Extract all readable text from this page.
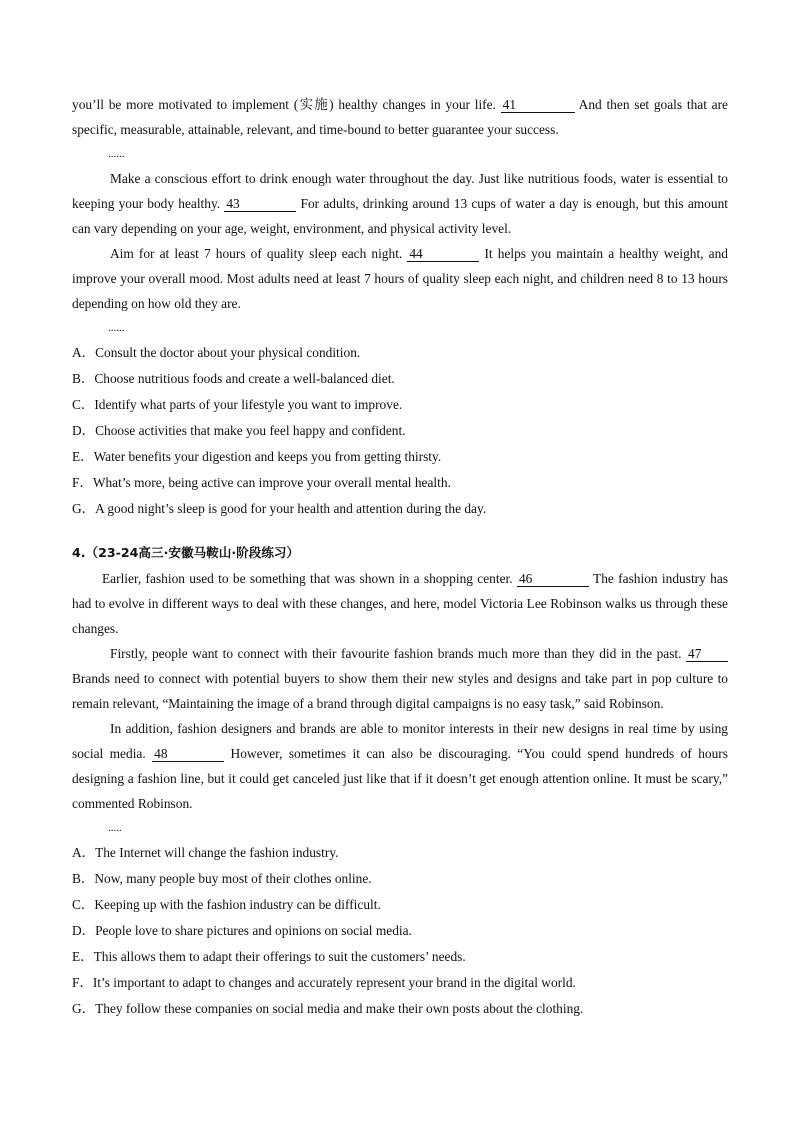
you’ll be more motivated to implement (实施) healthy changes in your life. 41	And then set goals that are specific, measurable, attainable, relevant, and time-bound to better guarantee your success.

......

Make a conscious effort to drink enough water throughout the day. Just like nutritious foods, water is essential to keeping your body healthy. 43	For adults, drinking around 13 cups of water a day is enough, but this amount can vary depending on your age, weight, environment, and physical activity level.

Aim for at least 7 hours of quality sleep each night. 44	It helps you maintain a healthy weight, and improve your overall mood. Most adults need at least 7 hours of quality sleep each night, and children need 8 to 13 hours depending on how old they are.

......

A．Consult the doctor about your physical condition.

B．Choose nutritious foods and create a well-balanced diet.

C．Identify what parts of your lifestyle you want to improve.

D．Choose activities that make you feel happy and confident.

E．Water benefits your digestion and keeps you from getting thirsty.

F．What’s more, being active can improve your overall mental health.

G．A good night’s sleep is good for your health and attention during the day.

4.（23-24高三·安徽马鞍山·阶段练习）

Earlier, fashion used to be something that was shown in a shopping center. 46	The fashion industry has had to evolve in different ways to deal with these changes, and here, model Victoria Lee Robinson walks us through these changes.

Firstly, people want to connect with their favourite fashion brands much more than they did in the past. 47 Brands need to connect with potential buyers to show them their new styles and designs and take part in pop culture to remain relevant, “Maintaining the image of a brand through digital campaigns is no easy task,” said Robinson.

In addition, fashion designers and brands are able to monitor interests in their new designs in real time by using social media. 48	However, sometimes it can also be discouraging. “You could spend hundreds of hours designing a fashion line, but it could get canceled just like that if it doesn’t get enough attention online. It must be scary,” commented Robinson.

.....

A．The Internet will change the fashion industry.

B．Now, many people buy most of their clothes online.

C．Keeping up with the fashion industry can be difficult.

D．People love to share pictures and opinions on social media.

E．This allows them to adapt their offerings to suit the customers’ needs.

F．It’s important to adapt to changes and accurately represent your brand in the digital world.

G．They follow these companies on social media and make their own posts about the clothing.
